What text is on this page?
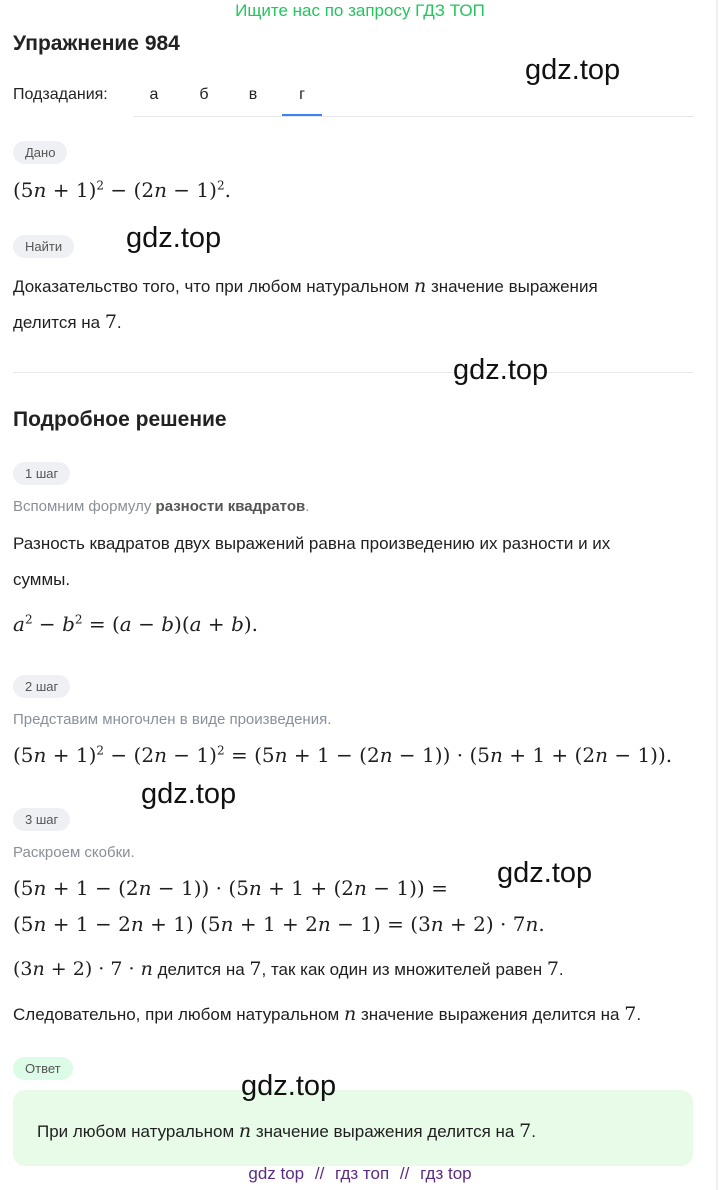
Ищите нас по запросу ГДЗ ТОП
Упражнение 984
Подзадания:	а	б	в	г
gdz.top
Дано
$(5n + 1)^2 - (2n - 1)^2$.
Найти	gdz.top
Доказательство того, что при любом натуральном n значение выражения
делится на 7.
gdz.top
Подробное решение
1 шаг
Вспомним формулу разности квадратов.
Разность квадратов двух выражений равна произведению их разности и их
суммы.
$a^2 - b^2 = (a - b)(a + b)$.
2 шаг
Представим многочлен в виде произведения.
$(5n + 1)^2 - (2n - 1)^2 = (5n + 1 - (2n - 1)) \cdot (5n + 1 + (2n - 1))$.
gdz.top
3 шаг
Раскроем скобки.
(5n + 1 − (2n − 1)) · (5n + 1 + (2n − 1)) = gdz.top
(5n + 1 − 2n + 1) (5n + 1 + 2n − 1) = (3n + 2) · 7n.
(3n + 2) · 7 · n делится на 7, так как один из множителей равен 7.
Следовательно, при любом натуральном n значение выражения делится на 7.
Ответ
gdz.top
При любом натуральном n значение выражения делится на 7.
gdz top // гдз топ // гдз top
